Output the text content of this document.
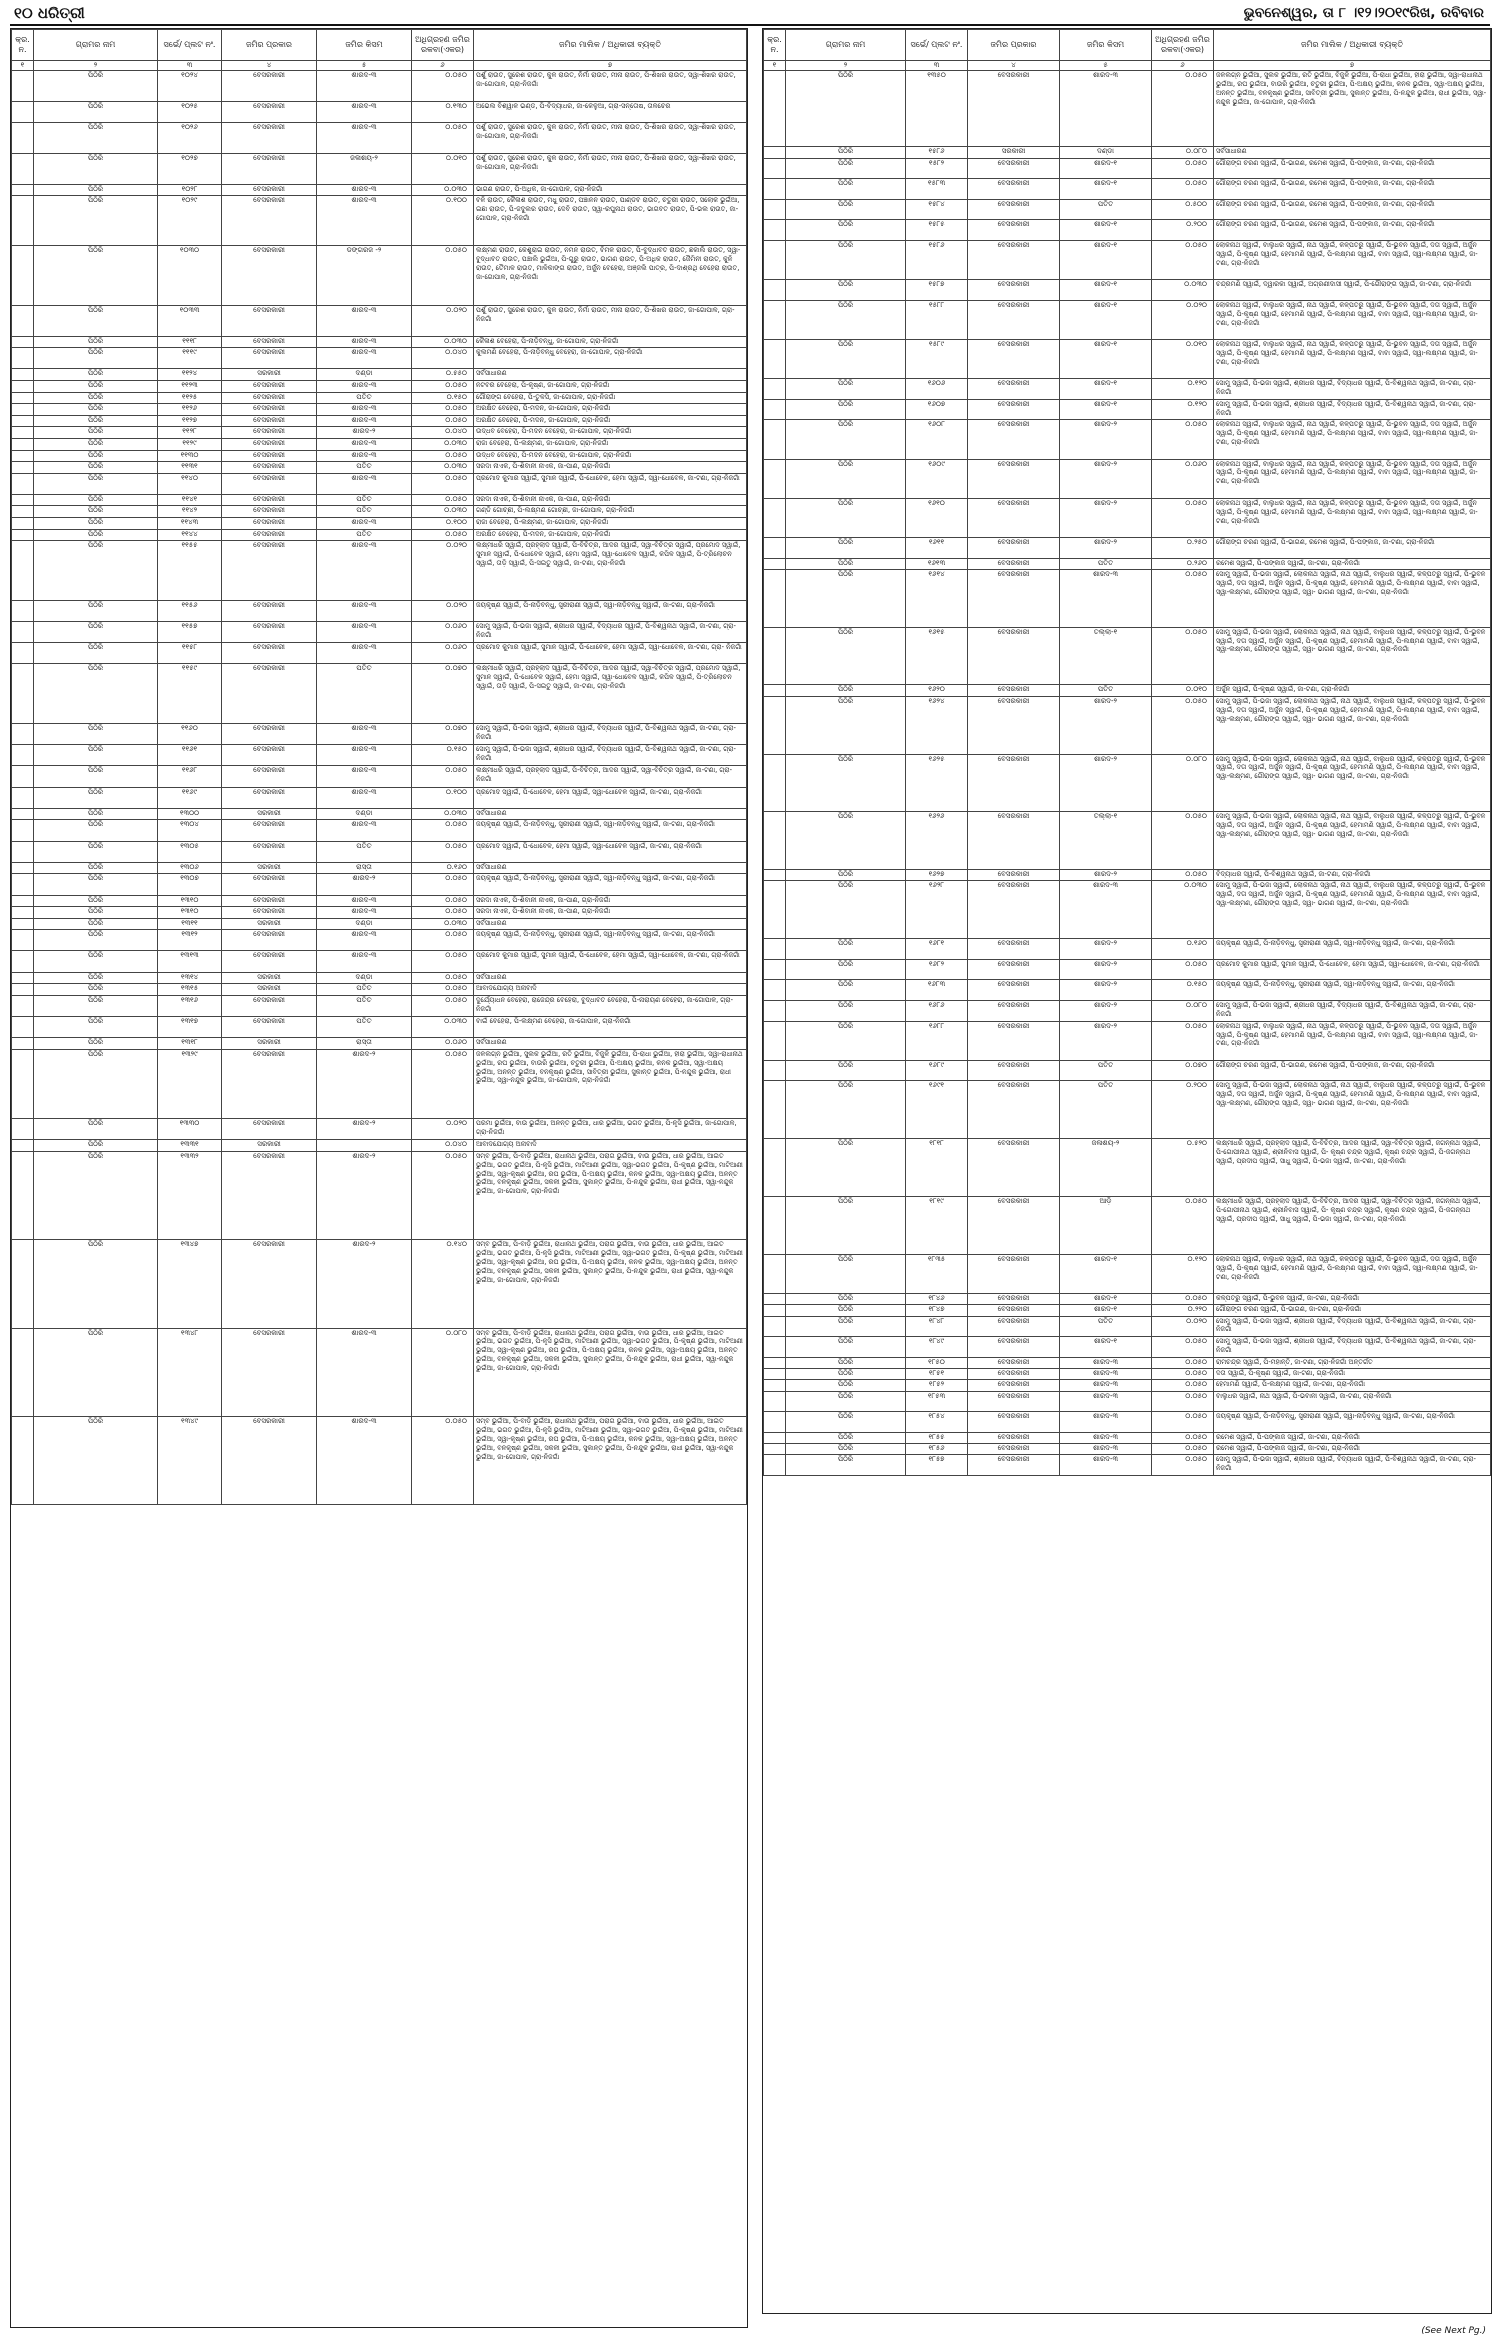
୧୦ ଧରିତ୍ରୀ	ଭୁବନେଶ୍ୱର, ତା ୮ ।୧୨।୨୦୧୯ରିଖ, ରବିବାର
କ୍ର. ନ.	ଗ୍ରାମର ନାମ	ସର୍ଭେ/ ପ୍ଲଟ ନଂ.	ଜମିର ପ୍ରକାର	ଜମିର କିସମ	ଅଧିଗ୍ରହଣ ଜମିର ରକବା(ଏକର)	ଜମିର ମାଲିକ / ଅଧିକାରୀ ବ୍ୟକ୍ତି
୧	୨	୩	୪	୫	୬	୭
	ପିଠିରି	୧୦୨୪	ବେସରକାରୀ	ଶାରଦ-୩	୦.୦୫୦	ପର୍ଶୁ ରାଉତ, ସୁରେଶ ରାଉତ, କୁଳ ରାଉତ, ନିର୍ମା ରାଉତ, ମୀନା ରାଉତ, ପି-ଶିଖର ରାଉତ, ସ୍ୱା-ଶିଖର ରାଉତ, ଜା-ଗୋପାଳ, ଗ୍ରା-ନିଜଗାଁ
	ପିଠିରି	୧୦୨୫	ବେସରକାରୀ	ଶାରଦ-୩	୦.୧୩୦	ଅଭେଲ ବିଶ୍ୱାଳ ଭଣ୍ଡ, ପି-ବିଦ୍ୟାଧର, ଜା-କେଳୁଆ, ଗ୍ରା-ସନ୍ତୋଷ, ତାଳଚେର
	ପିଠିରି	୧୦୨୬	ବେସରକାରୀ	ଶାରଦ-୩	୦.୦୫୦	ପର୍ଶୁ ରାଉତ, ସୁରେଶ ରାଉତ, କୁଳ ରାଉତ, ନିର୍ମା ରାଉତ, ମୀନା ରାଉତ, ପି-ଶିଖର ରାଉତ, ସ୍ୱା-ଶିଖର ରାଉତ, ଜା-ଗୋପାଳ, ଗ୍ରା-ନିଜଗାଁ
	ପିଠିରି	୧୦୨୭	ବେସରକାରୀ	ଜଳାଶୟ-୨	୦.୦୧୦	ପର୍ଶୁ ରାଉତ, ସୁରେଶ ରାଉତ, କୁଳ ରାଉତ, ନିର୍ମା ରାଉତ, ମୀନା ରାଉତ, ପି-ଶିଖର ରାଉତ, ସ୍ୱା-ଶିଖର ରାଉତ, ଜା-ଗୋପାଳ, ଗ୍ରା-ନିଜଗାଁ
	ପିଠିରି	୧୦୨୮	ବେସରକାରୀ	ଶାରଦ-୩	୦.୦୩୦	ଭାଗଣ ରାଉତ, ପି-ଅଧିକ, ଜା-ଗୋପାଳ, ଗ୍ରା-ନିଜଗାଁ
	ପିଠିରି	୧୦୨୯	ବେସରକାରୀ	ଶାରଦ-୩	୦.୧୦୦	ବଳି ରାଉତ, କୈଳାଶ ରାଉତ, ମଧୁ ରାଉତ, ପଞ୍ଚାନନ ରାଉତ, ପାଣ୍ଡବ ରାଉତ, ଚତୁରୀ ରାଉତ, ସଲୋକ ଭୁଇଁଆ, ଇଛା ରାଉତ, ପି-ଜଦୁଲର ରାଉତ, ଦେବି ରାଉତ, ସ୍ୱା-ରଘୁନାଥ ରାଉତ, ଭାଗବତ ରାଉତ, ପି-ଭଲ ରାଉତ, ଜା-ଗୋପାଳ, ଗ୍ରା-ନିଜଗାଁ
	ପିଠିରି	୧୦୩୦	ବେସରକାରୀ	ଡଙ୍ଗରଜ -୨	୦.୦୫୦	ଲକ୍ଷ୍ମଣ ରାଉତ, କେଶୁରାଇ ରାଉତ, ନମନ ରାଉତ, ବିମଳ ରାଉତ, ପି-ବୁଦ୍ଧାବତ ରାଉତ, ଛକାଲି ରାଉତ, ସ୍ୱା-ବୁଦ୍ଧାବତ ରାଉତ, ପଞ୍ଚାଲି ଭୁଇଁଆ, ପି-ଗୁରୁ ରାଉତ, ଭାଗଣ ରାଉତ, ପି-ଅଧିକ ରାଉତ, ଜୈମିନୀ ରାଉତ, କୁନି ରାଉତ, ତୈମାଳ ରାଉତ, ମାଳିକାଙ୍ଗ ରାଉତ, ଅର୍ଜୁନ ବେହେରା, ଅଞ୍ଜଲି ପାତ୍ର, ପି-ଦାଶ୍ରଥି ବେହେରା ରାଉତ, ଜା-ଗୋପାଳ, ଗ୍ରା-ନିଜଗାଁ
	ପିଠିରି	୧୦୩୩	ବେସରକାରୀ	ଶାରଦ-୩	୦.୦୨୦	ପର୍ଶୁ ରାଉତ, ସୁରେଶ ରାଉତ, କୁଳ ରାଉତ, ନିର୍ମା ରାଉତ, ମୀନା ରାଉତ, ପି-ଶିଖର ରାଉତ, ଜା-ଗୋପାଳ, ଗ୍ରା-ନିଜଗାଁ
	ପିଠିରି	୧୧୧୮	ବେସରକାରୀ	ଶାରଦ-୩	୦.୦୩୦	କୈଳାଶ ବେହେରା, ପି-ନାଡ଼ିବନ୍ଧୁ, ଜା-ଗୋପାଳ, ଗ୍ରା-ନିଜଗାଁ
	ପିଠିରି	୧୧୧୯	ବେସରକାରୀ	ଶାରଦ-୩	୦.୦୪୦	କୁଲମଣି ବେହେରା, ପି-ନାଡ଼ିବନ୍ଧୁ ବେହେରା, ଜା-ଗୋପାଳ, ଗ୍ରା-ନିଜଗାଁ
	ପିଠିରି	୧୧୨୪	ସରକାରୀ	ଦଣ୍ଡା	୦.୫୫୦	ସର୍ବସାଧାରଣ
	ପିଠିରି	୧୧୨୩	ବେସରକାରୀ	ଶାରଦ-୩	୦.୦୫୦	ନଟବର ବେହେରା, ପି-କୃଷ୍ଣ, ଜା-ଗୋପାଳ, ଗ୍ରା-ନିଜଗାଁ
	ପିଠିରି	୧୧୨୫	ବେସରକାରୀ	ପତିତ	୦.୧୫୦	ଗୌରାଙ୍ଗ ବେହେରା, ପି-ତୁଳସି, ଜା-ଗୋପାଳ, ଗ୍ରା-ନିଜଗାଁ
	ପିଠିରି	୧୧୨୬	ବେସରକାରୀ	ଶାରଦ-୩	୦.୦୫୦	ଅରକ୍ଷିତ ବେହେରା, ପି-ମଦନ, ଜା-ଗୋପାଳ, ଗ୍ରା-ନିଜଗାଁ
	ପିଠିରି	୧୧୨୭	ବେସରକାରୀ	ଶାରଦ-୩	୦.୦୫୦	ଅରକ୍ଷିତ ବେହେରା, ପି-ମଦନ, ଜା-ଗୋପାଳ, ଗ୍ରା-ନିଜଗାଁ
	ପିଠିରି	୧୧୨୮	ବେସରକାରୀ	ଶାରଦ-୨	୦.୦୪୦	ଉଦ୍ଧବ ବେହେରା, ପି-ମଦନ ବେହେରା, ଜା-ଗୋପାଳ, ଗ୍ରା-ନିଜଗାଁ
	ପିଠିରି	୧୧୨୯	ବେସରକାରୀ	ଶାରଦ-୩	୦.୦୩୦	ରାଜା ବେହେରା, ପି-ଲକ୍ଷ୍ମଣ, ଜା-ଗୋପାଳ, ଗ୍ରା-ନିଜଗାଁ
	ପିଠିରି	୧୧୩୦	ବେସରକାରୀ	ଶାରଦ-୩	୦.୦୫୦	ଉଦ୍ଧବ ବେହେରା, ପି-ମଦନ ବେହେରା, ଜା-ଗୋପାଳ, ଗ୍ରା-ନିଜଗାଁ
	ପିଠିରି	୧୧୩୧	ବେସରକାରୀ	ପତିତ	୦.୦୩୦	ସରଦା ନାଏକ, ପି-ଶିବାନୀ ନାଏକ, ଜା-ପାଣ, ଗ୍ରା-ନିଜଗାଁ
	ପିଠିରି	୧୧୪୦	ବେସରକାରୀ	ଶାରଦ-୩	୦.୦୫୦	ପ୍ରମୋଦ କୁମାର ସ୍ୱାଇଁ, ସୁମାନ ସ୍ୱାଇଁ, ପି-ଧୋବେଳ, ହେମା ସ୍ୱାଇଁ, ସ୍ୱା-ଧୋବେଳ, ଜା-ଟଣା, ଗ୍ରା-ନିଜଗାଁ
	ପିଠିରି	୧୧୪୧	ବେସରକାରୀ	ପତିତ	୦.୦୫୦	ସରଦା ନାଏକ, ପି-ଶିବାନୀ ନାଏକ, ଜା-ପାଣ, ଗ୍ରା-ନିଜଗାଁ
	ପିଠିରି	୧୧୪୨	ବେସରକାରୀ	ପତିତ	୦.୦୩୦	ଗଣ୍ଡି ଗୋଚ୍ଛୀ, ପି-ଲକ୍ଷ୍ମଣ ଗୋଚ୍ଛୀ, ଜା-ଗୋପାଳ, ଗ୍ରା-ନିଜଗାଁ
	ପିଠିରି	୧୧୪୩	ବେସରକାରୀ	ଶାରଦ-୩	୦.୧୦୦	ରାଜା ବେହେରା, ପି-ଲକ୍ଷ୍ମଣ, ଜା-ଗୋପାଳ, ଗ୍ରା-ନିଜଗାଁ
	ପିଠିରି	୧୧୪୪	ବେସରକାରୀ	ପତିତ	୦.୦୫୦	ଅରକ୍ଷିତ ବେହେରା, ପି-ମଦନ, ଜା-ଗୋପାଳ, ଗ୍ରା-ନିଜଗାଁ
	ପିଠିରି	୧୧୫୫	ବେସରକାରୀ	ଶାରଦ-୩	୦.୦୨୦	ଲକ୍ଷ୍ମୀଧରି ସ୍ୱାଇଁ, ପ୍ରହ୍ଲାଦ ସ୍ୱାଇଁ, ପି-ବିଚିତ୍ର, ଆଦର ସ୍ୱାଇଁ, ସ୍ୱା-ବିଚିତ୍ର ସ୍ୱାଇଁ, ପ୍ରମୋଦ ସ୍ୱାଇଁ, ସୁମାନ ସ୍ୱାଇଁ, ପି-ଧୋବେଳ ସ୍ୱାଇଁ, ହେମା ସ୍ୱାଇଁ, ସ୍ୱା-ଧୋବେଳ ସ୍ୱାଇଁ, କପିଳ ସ୍ୱାଇଁ, ପି-ତ୍ରିଲୋଚନ ସ୍ୱାଇଁ, ତାଡ଼ି ସ୍ୱାଇଁ, ପି-ସଇତୁ ସ୍ୱାଇଁ, ଜା-ଟଣା, ଗ୍ରା-ନିଜଗାଁ
	ପିଠିରି	୧୧୫୬	ବେସରକାରୀ	ଶାରଦ-୩	୦.୦୨୦	ଜୟକୃଷ୍ଣ ସ୍ୱାଇଁ, ପି-ନାଡ଼ିବନ୍ଧୁ, ସ୍ତ୍ରୀରାଣୀ ସ୍ୱାଇଁ, ସ୍ୱା-ନାଡ଼ିବନ୍ଧୁ ସ୍ୱାଇଁ, ଜା-ଟଣା, ଗ୍ରା-ନିଜଗାଁ
	ପିଠିରି	୧୧୫୭	ବେସରକାରୀ	ଶାରଦ-୩	୦.୦୬୦	ସୋମୁ ସ୍ୱାଇଁ, ପି-ଭଜା ସ୍ୱାଇଁ, ଶ୍ରୀଧର ସ୍ୱାଇଁ, ବିଦ୍ୟାଧର ସ୍ୱାଇଁ, ପି-ବିଶ୍ୱନାଥ ସ୍ୱାଇଁ, ଜା-ଟଣା, ଗ୍ରା- ନିଜଗାଁ
	ପିଠିରି	୧୧୫୮	ବେସରକାରୀ	ଶାରଦ-୩	୦.୦୬୦	ପ୍ରମୋଦ କୁମାର ସ୍ୱାଇଁ, ସୁମାନ ସ୍ୱାଇଁ, ପି-ଧୋବେଳ, ହେମା ସ୍ୱାଇଁ, ସ୍ୱା-ଧୋବେଳ, ଜା-ଟଣା, ଗ୍ରା- ନିଜଗାଁ
	ପିଠିରି	୧୧୫୯	ବେସରକାରୀ	ପତିତ	୦.୦୭୦	ଲକ୍ଷ୍ମୀଧରି ସ୍ୱାଇଁ, ପ୍ରହ୍ଲାଦ ସ୍ୱାଇଁ, ପି-ବିଚିତ୍ର, ଆଦର ସ୍ୱାଇଁ, ସ୍ୱା-ବିଚିତ୍ର ସ୍ୱାଇଁ, ପ୍ରମୋଦ ସ୍ୱାଇଁ, ସୁମାନ ସ୍ୱାଇଁ, ପି-ଧୋବେଳ ସ୍ୱାଇଁ, ହେମା ସ୍ୱାଇଁ, ସ୍ୱା-ଧୋବେଳ ସ୍ୱାଇଁ, କପିଳ ସ୍ୱାଇଁ, ପି-ତ୍ରିଲୋଚନ ସ୍ୱାଇଁ, ତାଡ଼ି ସ୍ୱାଇଁ, ପି-ସଇତୁ ସ୍ୱାଇଁ, ଜା-ଟଣା, ଗ୍ରା-ନିଜଗାଁ
	ପିଠିରି	୧୧୬୦	ବେସରକାରୀ	ଶାରଦ-୩	୦.୦୭୦	ସୋମୁ ସ୍ୱାଇଁ, ପି-ଭଜା ସ୍ୱାଇଁ, ଶ୍ରୀଧର ସ୍ୱାଇଁ, ବିଦ୍ୟାଧର ସ୍ୱାଇଁ, ପି-ବିଶ୍ୱନାଥ ସ୍ୱାଇଁ, ଜା-ଟଣା, ଗ୍ରା- ନିଜଗାଁ
	ପିଠିରି	୧୧୬୧	ବେସରକାରୀ	ଶାରଦ-୩	୦.୧୫୦	ସୋମୁ ସ୍ୱାଇଁ, ପି-ଭଜା ସ୍ୱାଇଁ, ଶ୍ରୀଧର ସ୍ୱାଇଁ, ବିଦ୍ୟାଧର ସ୍ୱାଇଁ, ପି-ବିଶ୍ୱନାଥ ସ୍ୱାଇଁ, ଜା-ଟଣା, ଗ୍ରା- ନିଜଗାଁ
	ପିଠିରି	୧୧୬୮	ବେସରକାରୀ	ଶାରଦ-୩	୦.୦୫୦	ଲକ୍ଷ୍ମୀଧରି ସ୍ୱାଇଁ, ପ୍ରହ୍ଲାଦ ସ୍ୱାଇଁ, ପି-ବିଚିତ୍ର, ଆଦର ସ୍ୱାଇଁ, ସ୍ୱା-ବିଚିତ୍ର ସ୍ୱାଇଁ, ଜା-ଟଣା, ଗ୍ରା-ନିଜଗାଁ
	ପିଠିରି	୧୧୬୯	ବେସରକାରୀ	ଶାରଦ-୩	୦.୧୦୦	ପ୍ରମୋଦ ସ୍ୱାଇଁ, ପି-ଧୋବେଳ, ହେମା ସ୍ୱାଇଁ, ସ୍ୱା-ଧୋବେଳ ସ୍ୱାଇଁ, ଜା-ଟଣା, ଗ୍ରା-ନିଜଗାଁ
	ପିଠିରି	୧୩୦୦	ସରକାରୀ	ଦଣ୍ଡା	୦.୦୩୦	ସର୍ବସାଧାରଣ
	ପିଠିରି	୧୩୦୪	ବେସରକାରୀ	ଶାରଦ-୩	୦.୦୫୦	ଜୟକୃଷ୍ଣ ସ୍ୱାଇଁ, ପି-ନାଡ଼ିବନ୍ଧୁ, ସ୍ତ୍ରୀରାଣୀ ସ୍ୱାଇଁ, ସ୍ୱା-ନାଡ଼ିବନ୍ଧୁ ସ୍ୱାଇଁ, ଜା-ଟଣା, ଗ୍ରା-ନିଜଗାଁ
	ପିଠିରି	୧୩୦୫	ବେସରକାରୀ	ପତିତ	୦.୦୫୦	ପ୍ରମୋଦ ସ୍ୱାଇଁ, ପି-ଧୋବେଳ, ହେମା ସ୍ୱାଇଁ, ସ୍ୱା-ଧୋବେଳ ସ୍ୱାଇଁ, ଜା-ଟଣା, ଗ୍ରା-ନିଜଗାଁ
	ପିଠିରି	୧୩୦୬	ସରକାରୀ	ରାସ୍ତା	୦.୧୬୦	ସର୍ବସାଧାରଣ
	ପିଠିରି	୧୩୦୭	ବେସରକାରୀ	ଶାରଦ-୨	୦.୦୫୦	ଜୟକୃଷ୍ଣ ସ୍ୱାଇଁ, ପି-ନାଡ଼ିବନ୍ଧୁ, ସ୍ତ୍ରୀରାଣୀ ସ୍ୱାଇଁ, ସ୍ୱା-ନାଡ଼ିବନ୍ଧୁ ସ୍ୱାଇଁ, ଜା-ଟଣା, ଗ୍ରା-ନିଜଗାଁ
	ପିଠିରି	୧୩୧୦	ବେସରକାରୀ	ଶାରଦ-୩	୦.୦୫୦	ସରଦା ନାଏକ, ପି-ଶିବାନୀ ନାଏକ, ଜା-ପାଣ, ଗ୍ରା-ନିଜଗାଁ
	ପିଠିରି	୧୩୧୦	ବେସରକାରୀ	ଶାରଦ-୩	୦.୦୫୦	ସରଦା ନାଏକ, ପି-ଶିବାନୀ ନାଏକ, ଜା-ପାଣ, ଗ୍ରା-ନିଜଗାଁ
	ପିଠିରି	୧୩୧୧	ସରକାରୀ	ଦଣ୍ଡା	୦.୦୩୦	ସର୍ବସାଧାରଣ
	ପିଠିରି	୧୩୧୨	ବେସରକାରୀ	ଶାରଦ-୩	୦.୦୫୦	ଜୟକୃଷ୍ଣ ସ୍ୱାଇଁ, ପି-ନାଡ଼ିବନ୍ଧୁ, ସ୍ତ୍ରୀରାଣୀ ସ୍ୱାଇଁ, ସ୍ୱା-ନାଡ଼ିବନ୍ଧୁ ସ୍ୱାଇଁ, ଜା-ଟଣା, ଗ୍ରା-ନିଜଗାଁ
	ପିଠିରି	୧୩୧୩	ବେସରକାରୀ	ଶାରଦ-୩	୦.୦୫୦	ପ୍ରମୋଦ କୁମାର ସ୍ୱାଇଁ, ସୁମାନ ସ୍ୱାଇଁ, ପି-ଧୋବେଳ, ହେମା ସ୍ୱାଇଁ, ସ୍ୱା-ଧୋବେଳ, ଜା-ଟଣା, ଗ୍ରା-ନିଜଗାଁ
	ପିଠିରି	୧୩୧୪	ସରକାରୀ	ଦଣ୍ଡା	୦.୦୫୦	ସର୍ବସାଧାରଣ
	ପିଠିରି	୧୩୧୫	ସରକାରୀ	ପତିତ	୦.୦୫୦	ଆବାଦଯୋଗ୍ୟ ଅନାବାଦି
	ପିଠିରି	୧୩୧୬	ବେସରକାରୀ	ପତିତ	୦.୦୫୦	ଦୁର୍ଯ୍ୟୋଧନ ବେହେରା, ରାଜେନ୍ଦ୍ର ବେହେରା, ବୁଦ୍ଧାବତ ବେହେରା, ପି-ନାରାୟଣ ବେହେରା, ଜା-ଗୋପାଳ, ଗ୍ରା-ନିଜଗାଁ
	ପିଠିରି	୧୩୧୭	ବେସରକାରୀ	ପତିତ	୦.୦୩୦	ବାଇଁ ବେହେରା, ପି-ଲକ୍ଷ୍ମଣ ବେହେରା, ଜା-ଗୋପାଳ, ଗ୍ରା-ନିଜଗାଁ
	ପିଠିରି	୧୩୧୮	ସରକାରୀ	ରାସ୍ତା	୦.୦୬୦	ସର୍ବସାଧାରଣ
	ପିଠିରି	୧୩୨୯	ବେସରକାରୀ	ଶାରଦ-୨	୦.୦୫୦	ଜଳଲଗ୍ନ ଭୁଇଁଆ, ସୁଲକ ଭୁଇଁଆ, ରତି ଭୁଇଁଆ, ବିଜୁଳି ଭୁଇଁଆ, ପି-ରାଧା ଭୁଇଁଆ, ହୀରା ଭୁଇଁଆ, ସ୍ୱା-ରାଧାନାଥ ଭୁଇଁଆ, ରଘ ଭୁଇଁଆ, ବାଉରି ଭୁଇଁଆ, ଚତୁରୀ ଭୁଇଁଆ, ପି-ଅକ୍ଷୟ ଭୁଇଁଆ, କନକ ଭୁଇଁଆ, ସ୍ୱା-ଅକ୍ଷୟ ଭୁଇଁଆ, ଅନନ୍ତ ଭୁଇଁଆ, ବନକୃଷ୍ଣ ଭୁଇଁଆ, ସାବିତ୍ରୀ ଭୁଇଁଆ, ସୁକାନ୍ତ ଭୁଇଁଆ, ପି-ନନ୍ଦୁକ ଭୁଇଁଆ, ରାଧୀ ଭୁଇଁଆ, ସ୍ୱା-ନନ୍ଦୁକ ଭୁଇଁଆ, ଜା-ଗୋପାଳ, ଗ୍ରା-ନିଜଗାଁ
	ପିଠିରି	୧୩୩୦	ବେସରକାରୀ	ଶାରଦ-୨	୦.୦୨୦	ପରମା ଭୁଇଁଆ, ବାଉ ଭୁଇଁଆ, ଅନନ୍ତ ଭୁଇଁଆ, ଧାର ଭୁଇଁଆ, ଭଗତ ଭୁଇଁଆ, ପି-ନୃସି ଭୁଇଁଆ, ଜା-ଗୋପାଳ, ଗ୍ରା-ନିଜଗାଁ
	ପିଠିରି	୧୩୩୧	ସରକାରୀ		୦.୦୪୦	ଆବାଦଯୋଗ୍ୟ ଅନାବାଦି
	ପିଠିରି	୧୩୩୨	ବେସରକାରୀ	ଶାରଦ-୨	୦.୦୫୦	ସମ୍ବ ଭୁଇଁଆ, ପି-ବାଡ଼ି ଭୁଇଁଆ, ରାଧାନାଥ ଭୁଇଁଆ, ପରାଗ ଭୁଇଁଆ, ବାଉ ଭୁଇଁଆ, ଧାର ଭୁଇଁଆ, ଆଇତ ଭୁଇଁଆ, ଭଗତ ଭୁଇଁଆ, ପି-ନୃସି ଭୁଇଁଆ, ମାଟିଆଣୀ ଭୁଇଁଆ, ସ୍ୱା-ଭଗତ ଭୁଇଁଆ, ପି-କୃଷ୍ଣ ଭୁଇଁଆ, ମାଟିଆଣୀ ଭୁଇଁଆ, ସ୍ୱା-କୃଷ୍ଣ ଭୁଇଁଆ, ରଘ ଭୁଇଁଆ, ପି-ଅକ୍ଷୟ ଭୁଇଁଆ, କନକ ଭୁଇଁଆ, ସ୍ୱା-ଅକ୍ଷୟ ଭୁଇଁଆ, ଅନନ୍ତ ଭୁଇଁଆ, ବନକୃଷ୍ଣ ଭୁଇଁଆ, ସକଳୀ ଭୁଇଁଆ, ସୁକାନ୍ତ ଭୁଇଁଆ, ପି-ନନ୍ଦୁକ ଭୁଇଁଆ, ରାଧୀ ଭୁଇଁଆ, ସ୍ୱା-ନନ୍ଦୁକ ଭୁଇଁଆ, ଜା-ଗୋପାଳ, ଗ୍ରା-ନିଜଗାଁ
	ପିଠିରି	୧୩୪୭	ବେସରକାରୀ	ଶାରଦ-୨	୦.୧୪୦	ସମ୍ବ ଭୁଇଁଆ, ପି-ବାଡ଼ି ଭୁଇଁଆ, ରାଧାନାଥ ଭୁଇଁଆ, ପରାଗ ଭୁଇଁଆ, ବାଉ ଭୁଇଁଆ, ଧାର ଭୁଇଁଆ, ଆଇତ ଭୁଇଁଆ, ଭଗତ ଭୁଇଁଆ, ପି-ନୃସି ଭୁଇଁଆ, ମାଟିଆଣୀ ଭୁଇଁଆ, ସ୍ୱା-ଭଗତ ଭୁଇଁଆ, ପି-କୃଷ୍ଣ ଭୁଇଁଆ, ମାଟିଆଣୀ ଭୁଇଁଆ, ସ୍ୱା-କୃଷ୍ଣ ଭୁଇଁଆ, ରଘ ଭୁଇଁଆ, ପି-ଅକ୍ଷୟ ଭୁଇଁଆ, କନକ ଭୁଇଁଆ, ସ୍ୱା-ଅକ୍ଷୟ ଭୁଇଁଆ, ଅନନ୍ତ ଭୁଇଁଆ, ବନକୃଷ୍ଣ ଭୁଇଁଆ, ସକଳୀ ଭୁଇଁଆ, ସୁକାନ୍ତ ଭୁଇଁଆ, ପି-ନନ୍ଦୁକ ଭୁଇଁଆ, ରାଧୀ ଭୁଇଁଆ, ସ୍ୱା-ନନ୍ଦୁକ ଭୁଇଁଆ, ଜା-ଗୋପାଳ, ଗ୍ରା-ନିଜଗାଁ
	ପିଠିରି	୧୩୪୮	ବେସରକାରୀ	ଶାରଦ-୩	୦.୦୮୦	ସମ୍ବ ଭୁଇଁଆ, ପି-ବାଡ଼ି ଭୁଇଁଆ, ରାଧାନାଥ ଭୁଇଁଆ, ପରାଗ ଭୁଇଁଆ, ବାଉ ଭୁଇଁଆ, ଧାର ଭୁଇଁଆ, ଆଇତ ଭୁଇଁଆ, ଭଗତ ଭୁଇଁଆ, ପି-ନୃସି ଭୁଇଁଆ, ମାଟିଆଣୀ ଭୁଇଁଆ, ସ୍ୱା-ଭଗତ ଭୁଇଁଆ, ପି-କୃଷ୍ଣ ଭୁଇଁଆ, ମାଟିଆଣୀ ଭୁଇଁଆ, ସ୍ୱା-କୃଷ୍ଣ ଭୁଇଁଆ, ରଘ ଭୁଇଁଆ, ପି-ଅକ୍ଷୟ ଭୁଇଁଆ, କନକ ଭୁଇଁଆ, ସ୍ୱା-ଅକ୍ଷୟ ଭୁଇଁଆ, ଅନନ୍ତ ଭୁଇଁଆ, ବନକୃଷ୍ଣ ଭୁଇଁଆ, ସକଳୀ ଭୁଇଁଆ, ସୁକାନ୍ତ ଭୁଇଁଆ, ପି-ନନ୍ଦୁକ ଭୁଇଁଆ, ରାଧୀ ଭୁଇଁଆ, ସ୍ୱା-ନନ୍ଦୁକ ଭୁଇଁଆ, ଜା-ଗୋପାଳ, ଗ୍ରା-ନିଜଗାଁ
	ପିଠିରି	୧୩୪୯	ବେସରକାରୀ	ଶାରଦ-୩	୦.୦୫୦	ସମ୍ବ ଭୁଇଁଆ, ପି-ବାଡ଼ି ଭୁଇଁଆ, ରାଧାନାଥ ଭୁଇଁଆ, ପରାଗ ଭୁଇଁଆ, ବାଉ ଭୁଇଁଆ, ଧାର ଭୁଇଁଆ, ଆଇତ ଭୁଇଁଆ, ଭଗତ ଭୁଇଁଆ, ପି-ନୃସି ଭୁଇଁଆ, ମାଟିଆଣୀ ଭୁଇଁଆ, ସ୍ୱା-ଭଗତ ଭୁଇଁଆ, ପି-କୃଷ୍ଣ ଭୁଇଁଆ, ମାଟିଆଣୀ ଭୁଇଁଆ, ସ୍ୱା-କୃଷ୍ଣ ଭୁଇଁଆ, ରଘ ଭୁଇଁଆ, ପି-ଅକ୍ଷୟ ଭୁଇଁଆ, କନକ ଭୁଇଁଆ, ସ୍ୱା-ଅକ୍ଷୟ ଭୁଇଁଆ, ଅନନ୍ତ ଭୁଇଁଆ, ବନକୃଷ୍ଣ ଭୁଇଁଆ, ସକଳୀ ଭୁଇଁଆ, ସୁକାନ୍ତ ଭୁଇଁଆ, ପି-ନନ୍ଦୁକ ଭୁଇଁଆ, ରାଧୀ ଭୁଇଁଆ, ସ୍ୱା-ନନ୍ଦୁକ ଭୁଇଁଆ, ଜା-ଗୋପାଳ, ଗ୍ରା-ନିଜଗାଁ
କ୍ର. ନ.	ଗ୍ରାମର ନାମ	ସର୍ଭେ/ ପ୍ଲଟ ନଂ.	ଜମିର ପ୍ରକାର	ଜମିର କିସମ	ଅଧିଗ୍ରହଣ ଜମିର ରକବା(ଏକର)	ଜମିର ମାଲିକ / ଅଧିକାରୀ ବ୍ୟକ୍ତି
୧	୨	୩	୪	୫	୬	୭
	ପିଠିରି	୧୩୫୦	ବେସରକାରୀ	ଶାରଦ-୩	୦.୦୫୦	ଜଳଲଗ୍ନ ଭୁଇଁଆ, ସୁଲକ ଭୁଇଁଆ, ରତି ଭୁଇଁଆ, ବିଜୁଳି ଭୁଇଁଆ, ପି-ରାଧା ଭୁଇଁଆ, ହୀରା ଭୁଇଁଆ, ସ୍ୱା-ରାଧାନାଥ ଭୁଇଁଆ, ରଘ ଭୁଇଁଆ, ବାଉରି ଭୁଇଁଆ, ଚତୁରୀ ଭୁଇଁଆ, ପି-ଅକ୍ଷୟ ଭୁଇଁଆ, କନକ ଭୁଇଁଆ, ସ୍ୱା-ଅକ୍ଷୟ ଭୁଇଁଆ, ଅନନ୍ତ ଭୁଇଁଆ, ବନକୃଷ୍ଣ ଭୁଇଁଆ, ସାବିତ୍ରୀ ଭୁଇଁଆ, ସୁକାନ୍ତ ଭୁଇଁଆ, ପି-ନନ୍ଦୁକ ଭୁଇଁଆ, ରାଧୀ ଭୁଇଁଆ, ସ୍ୱା-ନନ୍ଦୁକ ଭୁଇଁଆ, ଜା-ଗୋପାଳ, ଗ୍ରା-ନିଜଗାଁ
	ପିଠିରି	୧୫୮୬	ସରକାରୀ	ଦଣ୍ଡା	୦.୦୮୦	ସର୍ବସାଧାରଣ
	ପିଠିରି	୧୫୮୨	ବେସରକାରୀ	ଶାରଦ-୧	୦.୦୫୦	ଗୌରାଙ୍ଗ ଚରଣ ସ୍ୱାଇଁ, ପି-ଭାଗଣ, ରମେଶ ସ୍ୱାଇଁ, ପି-ପଙ୍କାଜ, ଜା-ଟଣା, ଗ୍ରା-ନିଜଗାଁ
	ପିଠିରି	୧୫୮୩	ବେସରକାରୀ	ଶାରଦ-୧	୦.୦୫୦	ଗୌରାଙ୍ଗ ଚରଣ ସ୍ୱାଇଁ, ପି-ଭାଗଣ, ରମେଶ ସ୍ୱାଇଁ, ପି-ପଙ୍କାଜ, ଜା-ଟଣା, ଗ୍ରା-ନିଜଗାଁ
	ପିଠିରି	୧୫୮୪	ବେସରକାରୀ	ପତିତ	୦.୫୦୦	ଗୌରାଙ୍ଗ ଚରଣ ସ୍ୱାଇଁ, ପି-ଭାଗଣ, ରମେଶ ସ୍ୱାଇଁ, ପି-ପଙ୍କାଜ, ଜା-ଟଣା, ଗ୍ରା-ନିଜଗାଁ
	ପିଠିରି	୧୫୮୫	ବେସରକାରୀ	ଶାରଦ-୧	୦.୨୦୦	ଗୌରାଙ୍ଗ ଚରଣ ସ୍ୱାଇଁ, ପି-ଭାଗଣ, ରମେଶ ସ୍ୱାଇଁ, ପି-ପଙ୍କାଜ, ଜା-ଟଣା, ଗ୍ରା-ନିଜଗାଁ
	ପିଠିରି	୧୫୮୬	ବେସରକାରୀ	ଶାରଦ-୧	୦.୦୫୦	ଲୋକନାଥ ସ୍ୱାଇଁ, ବାଲୁଧର ସ୍ୱାଇଁ, ନାଥ ସ୍ୱାଇଁ, କଳ୍ପତରୁ ସ୍ୱାଇଁ, ପି-ଭୁବନ ସ୍ୱାଇଁ, ଦତା ସ୍ୱାଇଁ, ଅର୍ଜୁନ ସ୍ୱାଇଁ, ପି-କୃଷ୍ଣ ସ୍ୱାଇଁ, ହେମାମଣି ସ୍ୱାଇଁ, ପି-ଲକ୍ଷ୍ମଣ ସ୍ୱାଇଁ, ବାବା ସ୍ୱାଇଁ, ସ୍ୱା-ଲକ୍ଷ୍ମଣ ସ୍ୱାଇଁ, ଜା-ଟଣା, ଗ୍ରା-ନିଜଗାଁ
	ପିଠିରି	୧୫୮୭	ବେସରକାରୀ	ଶାରଦ-୧	୦.୦୩୦	ଚନ୍ଦ୍ରମଣି ସ୍ୱାଇଁ, ଦ୍ୱାରକା ସ୍ୱାଇଁ, ଅଗ୍ରଣୀଦାସୀ ସ୍ୱାଇଁ, ପି-ଗୌରାଙ୍ଗ ସ୍ୱାଇଁ, ଜା-ଟଣା, ଗ୍ରା-ନିଜଗାଁ
	ପିଠିରି	୧୫୮୮	ବେସରକାରୀ	ଶାରଦ-୧	୦.୦୨୦	ଲୋକନାଥ ସ୍ୱାଇଁ, ବାଲୁଧର ସ୍ୱାଇଁ, ନାଥ ସ୍ୱାଇଁ, କଳ୍ପତରୁ ସ୍ୱାଇଁ, ପି-ଭୁବନ ସ୍ୱାଇଁ, ଦତା ସ୍ୱାଇଁ, ଅର୍ଜୁନ ସ୍ୱାଇଁ, ପି-କୃଷ୍ଣ ସ୍ୱାଇଁ, ହେମାମଣି ସ୍ୱାଇଁ, ପି-ଲକ୍ଷ୍ମଣ ସ୍ୱାଇଁ, ବାବା ସ୍ୱାଇଁ, ସ୍ୱା-ଲକ୍ଷ୍ମଣ ସ୍ୱାଇଁ, ଜା-ଟଣା, ଗ୍ରା-ନିଜଗାଁ
	ପିଠିରି	୧୫୮୯	ବେସରକାରୀ	ଶାରଦ-୧	୦.୦୧୦	ଲୋକନାଥ ସ୍ୱାଇଁ, ବାଲୁଧର ସ୍ୱାଇଁ, ନାଥ ସ୍ୱାଇଁ, କଳ୍ପତରୁ ସ୍ୱାଇଁ, ପି-ଭୁବନ ସ୍ୱାଇଁ, ଦତା ସ୍ୱାଇଁ, ଅର୍ଜୁନ ସ୍ୱାଇଁ, ପି-କୃଷ୍ଣ ସ୍ୱାଇଁ, ହେମାମଣି ସ୍ୱାଇଁ, ପି-ଲକ୍ଷ୍ମଣ ସ୍ୱାଇଁ, ବାବା ସ୍ୱାଇଁ, ସ୍ୱା-ଲକ୍ଷ୍ମଣ ସ୍ୱାଇଁ, ଜା-ଟଣା, ଗ୍ରା-ନିଜଗାଁ
	ପିଠିରି	୧୬୦୬	ବେସରକାରୀ	ଶାରଦ-୧	୦.୧୨୦	ସୋମୁ ସ୍ୱାଇଁ, ପି-ଭଜା ସ୍ୱାଇଁ, ଶ୍ରୀଧର ସ୍ୱାଇଁ, ବିଦ୍ୟାଧର ସ୍ୱାଇଁ, ପି-ବିଶ୍ୱନାଥ ସ୍ୱାଇଁ, ଜା-ଟଣା, ଗ୍ରା-ନିଜଗାଁ
	ପିଠିରି	୧୬୦୭	ବେସରକାରୀ	ଶାରଦ-୧	୦.୧୨୦	ସୋମୁ ସ୍ୱାଇଁ, ପି-ଭଜା ସ୍ୱାଇଁ, ଶ୍ରୀଧର ସ୍ୱାଇଁ, ବିଦ୍ୟାଧର ସ୍ୱାଇଁ, ପି-ବିଶ୍ୱନାଥ ସ୍ୱାଇଁ, ଜା-ଟଣା, ଗ୍ରା-ନିଜଗାଁ
	ପିଠିରି	୧୬୦୮	ବେସରକାରୀ	ଶାରଦ-୨	୦.୦୫୦	ଲୋକନାଥ ସ୍ୱାଇଁ, ବାଲୁଧର ସ୍ୱାଇଁ, ନାଥ ସ୍ୱାଇଁ, କଳ୍ପତରୁ ସ୍ୱାଇଁ, ପି-ଭୁବନ ସ୍ୱାଇଁ, ଦତା ସ୍ୱାଇଁ, ଅର୍ଜୁନ ସ୍ୱାଇଁ, ପି-କୃଷ୍ଣ ସ୍ୱାଇଁ, ହେମାମଣି ସ୍ୱାଇଁ, ପି-ଲକ୍ଷ୍ମଣ ସ୍ୱାଇଁ, ବାବା ସ୍ୱାଇଁ, ସ୍ୱା-ଲକ୍ଷ୍ମଣ ସ୍ୱାଇଁ, ଜା-ଟଣା, ଗ୍ରା-ନିଜଗାଁ
	ପିଠିରି	୧୬୦୯	ବେସରକାରୀ	ଶାରଦ-୨	୦.୦୬୦	ଲୋକନାଥ ସ୍ୱାଇଁ, ବାଲୁଧର ସ୍ୱାଇଁ, ନାଥ ସ୍ୱାଇଁ, କଳ୍ପତରୁ ସ୍ୱାଇଁ, ପି-ଭୁବନ ସ୍ୱାଇଁ, ଦତା ସ୍ୱାଇଁ, ଅର୍ଜୁନ ସ୍ୱାଇଁ, ପି-କୃଷ୍ଣ ସ୍ୱାଇଁ, ହେମାମଣି ସ୍ୱାଇଁ, ପି-ଲକ୍ଷ୍ମଣ ସ୍ୱାଇଁ, ବାବା ସ୍ୱାଇଁ, ସ୍ୱା-ଲକ୍ଷ୍ମଣ ସ୍ୱାଇଁ, ଜା-ଟଣା, ଗ୍ରା-ନିଜଗାଁ
	ପିଠିରି	୧୬୧୦	ବେସରକାରୀ	ଶାରଦ-୨	୦.୦୫୦	ଲୋକନାଥ ସ୍ୱାଇଁ, ବାଲୁଧର ସ୍ୱାଇଁ, ନାଥ ସ୍ୱାଇଁ, କଳ୍ପତରୁ ସ୍ୱାଇଁ, ପି-ଭୁବନ ସ୍ୱାଇଁ, ଦତା ସ୍ୱାଇଁ, ଅର୍ଜୁନ ସ୍ୱାଇଁ, ପି-କୃଷ୍ଣ ସ୍ୱାଇଁ, ହେମାମଣି ସ୍ୱାଇଁ, ପି-ଲକ୍ଷ୍ମଣ ସ୍ୱାଇଁ, ବାବା ସ୍ୱାଇଁ, ସ୍ୱା-ଲକ୍ଷ୍ମଣ ସ୍ୱାଇଁ, ଜା-ଟଣା, ଗ୍ରା-ନିଜଗାଁ
	ପିଠିରି	୧୬୧୧	ବେସରକାରୀ	ଶାରଦ-୨	୦.୨୫୦	ଗୌରାଙ୍ଗ ଚରଣ ସ୍ୱାଇଁ, ପି-ଭାଗଣ, ରମେଶ ସ୍ୱାଇଁ, ପି-ପଙ୍କାଜ, ଜା-ଟଣା, ଗ୍ରା-ନିଜଗାଁ
	ପିଠିରି	୧୬୧୩	ବେସରକାରୀ	ପତିତ	୦.୨୬୦	ରମେଶ ସ୍ୱାଇଁ, ପି-ପଙ୍କାଜ ସ୍ୱାଇଁ, ଜା-ଟଣା, ଗ୍ରା-ନିଜଗାଁ
	ପିଠିରି	୧୬୧୪	ବେସରକାରୀ	ଶାରଦ-୩	୦.୦୫୦	ସୋମୁ ସ୍ୱାଇଁ, ପି-ଭଜା ସ୍ୱାଇଁ, ଲୋକନାଥ ସ୍ୱାଇଁ, ନାଥ ସ୍ୱାଇଁ, ବାଲୁଧର ସ୍ୱାଇଁ, କଳ୍ପତରୁ ସ୍ୱାଇଁ, ପି-ଭୁବନ ସ୍ୱାଇଁ, ଦତା ସ୍ୱାଇଁ, ଅର୍ଜୁନ ସ୍ୱାଇଁ, ପି-କୃଷ୍ଣ ସ୍ୱାଇଁ, ହେମାମଣି ସ୍ୱାଇଁ, ପି-ଲକ୍ଷ୍ମଣ ସ୍ୱାଇଁ, ବାବା ସ୍ୱାଇଁ, ସ୍ୱା-ଲକ୍ଷ୍ମଣ, ଗୌରାଙ୍ଗ ସ୍ୱାଇଁ, ସ୍ୱା- ଭାଗଣ ସ୍ୱାଇଁ, ଜା-ଟଣା, ଗ୍ରା-ନିଜଗାଁ
	ପିଠିରି	୧୬୧୫	ବେସରକାରୀ	ତଲ୍ଲା-୧	୦.୦୫୦	ସୋମୁ ସ୍ୱାଇଁ, ପି-ଭଜା ସ୍ୱାଇଁ, ଲୋକନାଥ ସ୍ୱାଇଁ, ନାଥ ସ୍ୱାଇଁ, ବାଲୁଧର ସ୍ୱାଇଁ, କଳ୍ପତରୁ ସ୍ୱାଇଁ, ପି-ଭୁବନ ସ୍ୱାଇଁ, ଦତା ସ୍ୱାଇଁ, ଅର୍ଜୁନ ସ୍ୱାଇଁ, ପି-କୃଷ୍ଣ ସ୍ୱାଇଁ, ହେମାମଣି ସ୍ୱାଇଁ, ପି-ଲକ୍ଷ୍ମଣ ସ୍ୱାଇଁ, ବାବା ସ୍ୱାଇଁ, ସ୍ୱା-ଲକ୍ଷ୍ମଣ, ଗୌରାଙ୍ଗ ସ୍ୱାଇଁ, ସ୍ୱା- ଭାଗଣ ସ୍ୱାଇଁ, ଜା-ଟଣା, ଗ୍ରା-ନିଜଗାଁ
	ପିଠିରି	୧୬୨୦	ବେସରକାରୀ	ପତିତ	୦.୦୧୦	ଅର୍ଜୁନ ସ୍ୱାଇଁ, ପି-କୃଷ୍ଣ ସ୍ୱାଇଁ, ଜା-ଟଣା, ଗ୍ରା-ନିଜଗାଁ
	ପିଠିରି	୧୬୨୪	ବେସରକାରୀ	ଶାରଦ-୨	୦.୦୫୦	ସୋମୁ ସ୍ୱାଇଁ, ପି-ଭଜା ସ୍ୱାଇଁ, ଲୋକନାଥ ସ୍ୱାଇଁ, ନାଥ ସ୍ୱାଇଁ, ବାଲୁଧର ସ୍ୱାଇଁ, କଳ୍ପତରୁ ସ୍ୱାଇଁ, ପି-ଭୁବନ ସ୍ୱାଇଁ, ଦତା ସ୍ୱାଇଁ, ଅର୍ଜୁନ ସ୍ୱାଇଁ, ପି-କୃଷ୍ଣ ସ୍ୱାଇଁ, ହେମାମଣି ସ୍ୱାଇଁ, ପି-ଲକ୍ଷ୍ମଣ ସ୍ୱାଇଁ, ବାବା ସ୍ୱାଇଁ, ସ୍ୱା-ଲକ୍ଷ୍ମଣ, ଗୌରାଙ୍ଗ ସ୍ୱାଇଁ, ସ୍ୱା- ଭାଗଣ ସ୍ୱାଇଁ, ଜା-ଟଣା, ଗ୍ରା-ନିଜଗାଁ
	ପିଠିରି	୧୬୨୫	ବେସରକାରୀ	ଶାରଦ-୨	୦.୦୮୦	ସୋମୁ ସ୍ୱାଇଁ, ପି-ଭଜା ସ୍ୱାଇଁ, ଲୋକନାଥ ସ୍ୱାଇଁ, ନାଥ ସ୍ୱାଇଁ, ବାଲୁଧର ସ୍ୱାଇଁ, କଳ୍ପତରୁ ସ୍ୱାଇଁ, ପି-ଭୁବନ ସ୍ୱାଇଁ, ଦତା ସ୍ୱାଇଁ, ଅର୍ଜୁନ ସ୍ୱାଇଁ, ପି-କୃଷ୍ଣ ସ୍ୱାଇଁ, ହେମାମଣି ସ୍ୱାଇଁ, ପି-ଲକ୍ଷ୍ମଣ ସ୍ୱାଇଁ, ବାବା ସ୍ୱାଇଁ, ସ୍ୱା-ଲକ୍ଷ୍ମଣ, ଗୌରାଙ୍ଗ ସ୍ୱାଇଁ, ସ୍ୱା- ଭାଗଣ ସ୍ୱାଇଁ, ଜା-ଟଣା, ଗ୍ରା-ନିଜଗାଁ
	ପିଠିରି	୧୬୨୬	ବେସରକାରୀ	ତଲ୍ଲା-୧	୦.୦୫୦	ସୋମୁ ସ୍ୱାଇଁ, ପି-ଭଜା ସ୍ୱାଇଁ, ଲୋକନାଥ ସ୍ୱାଇଁ, ନାଥ ସ୍ୱାଇଁ, ବାଲୁଧର ସ୍ୱାଇଁ, କଳ୍ପତରୁ ସ୍ୱାଇଁ, ପି-ଭୁବନ ସ୍ୱାଇଁ, ଦତା ସ୍ୱାଇଁ, ଅର୍ଜୁନ ସ୍ୱାଇଁ, ପି-କୃଷ୍ଣ ସ୍ୱାଇଁ, ହେମାମଣି ସ୍ୱାଇଁ, ପି-ଲକ୍ଷ୍ମଣ ସ୍ୱାଇଁ, ବାବା ସ୍ୱାଇଁ, ସ୍ୱା-ଲକ୍ଷ୍ମଣ, ଗୌରାଙ୍ଗ ସ୍ୱାଇଁ, ସ୍ୱା- ଭାଗଣ ସ୍ୱାଇଁ, ଜା-ଟଣା, ଗ୍ରା-ନିଜଗାଁ
	ପିଠିରି	୧୬୨୭	ବେସରକାରୀ	ଶାରଦ-୨	୦.୦୫୦	ବିଦ୍ୟାଧର ସ୍ୱାଇଁ, ପି-ବିଶ୍ୱନାଥ ସ୍ୱାଇଁ, ଜା-ଟଣା, ଗ୍ରା-ନିଜଗାଁ
	ପିଠିରି	୧୬୨୮	ବେସରକାରୀ	ଶାରଦ-୩	୦.୦୩୦	ସୋମୁ ସ୍ୱାଇଁ, ପି-ଭଜା ସ୍ୱାଇଁ, ଲୋକନାଥ ସ୍ୱାଇଁ, ନାଥ ସ୍ୱାଇଁ, ବାଲୁଧର ସ୍ୱାଇଁ, କଳ୍ପତରୁ ସ୍ୱାଇଁ, ପି-ଭୁବନ ସ୍ୱାଇଁ, ଦତା ସ୍ୱାଇଁ, ଅର୍ଜୁନ ସ୍ୱାଇଁ, ପି-କୃଷ୍ଣ ସ୍ୱାଇଁ, ହେମାମଣି ସ୍ୱାଇଁ, ପି-ଲକ୍ଷ୍ମଣ ସ୍ୱାଇଁ, ବାବା ସ୍ୱାଇଁ, ସ୍ୱା-ଲକ୍ଷ୍ମଣ, ଗୌରାଙ୍ଗ ସ୍ୱାଇଁ, ସ୍ୱା- ଭାଗଣ ସ୍ୱାଇଁ, ଜା-ଟଣା, ଗ୍ରା-ନିଜଗାଁ
	ପିଠିରି	୧୬୮୧	ବେସରକାରୀ	ଶାରଦ-୨	୦.୧୬୦	ଜୟକୃଷ୍ଣ ସ୍ୱାଇଁ, ପି-ନାଡ଼ିବନ୍ଧୁ, ସ୍ତ୍ରୀରାଣୀ ସ୍ୱାଇଁ, ସ୍ୱା-ନାଡ଼ିବନ୍ଧୁ ସ୍ୱାଇଁ, ଜା-ଟଣା, ଗ୍ରା-ନିଜଗାଁ
	ପିଠିରି	୧୬୮୨	ବେସରକାରୀ	ଶାରଦ-୨	୦.୦୫୦	ପ୍ରମୋଦ କୁମାର ସ୍ୱାଇଁ, ସୁମାନ ସ୍ୱାଇଁ, ପି-ଧୋବେଳ, ହେମା ସ୍ୱାଇଁ, ସ୍ୱା-ଧୋବେଳ, ଜା-ଟଣା, ଗ୍ରା-ନିଜଗାଁ
	ପିଠିରି	୧୬୮୩	ବେସରକାରୀ	ଶାରଦ-୨	୦.୧୫୦	ଜୟକୃଷ୍ଣ ସ୍ୱାଇଁ, ପି-ନାଡ଼ିବନ୍ଧୁ, ସ୍ତ୍ରୀରାଣୀ ସ୍ୱାଇଁ, ସ୍ୱା-ନାଡ଼ିବନ୍ଧୁ ସ୍ୱାଇଁ, ଜା-ଟଣା, ଗ୍ରା-ନିଜଗାଁ
	ପିଠିରି	୧୬୮୬	ବେସରକାରୀ	ଶାରଦ-୨	୦.୦୮୦	ସୋମୁ ସ୍ୱାଇଁ, ପି-ଭଜା ସ୍ୱାଇଁ, ଶ୍ରୀଧର ସ୍ୱାଇଁ, ବିଦ୍ୟାଧର ସ୍ୱାଇଁ, ପି-ବିଶ୍ୱନାଥ ସ୍ୱାଇଁ, ଜା-ଟଣା, ଗ୍ରା-ନିଜଗାଁ
	ପିଠିରି	୧୬୮୮	ବେସରକାରୀ	ଶାରଦ-୨	୦.୦୫୦	ଲୋକନାଥ ସ୍ୱାଇଁ, ବାଲୁଧର ସ୍ୱାଇଁ, ନାଥ ସ୍ୱାଇଁ, କଳ୍ପତରୁ ସ୍ୱାଇଁ, ପି-ଭୁବନ ସ୍ୱାଇଁ, ଦତା ସ୍ୱାଇଁ, ଅର୍ଜୁନ ସ୍ୱାଇଁ, ପି-କୃଷ୍ଣ ସ୍ୱାଇଁ, ହେମାମଣି ସ୍ୱାଇଁ, ପି-ଲକ୍ଷ୍ମଣ ସ୍ୱାଇଁ, ବାବା ସ୍ୱାଇଁ, ସ୍ୱା-ଲକ୍ଷ୍ମଣ ସ୍ୱାଇଁ, ଜା-ଟଣା, ଗ୍ରା-ନିଜଗାଁ
	ପିଠିରି	୧୬୮୯	ବେସରକାରୀ	ପତିତ	୦.୦୭୦	ଗୌରାଙ୍ଗ ଚରଣ ସ୍ୱାଇଁ, ପି-ଭାଗଣ, ରମେଶ ସ୍ୱାଇଁ, ପି-ପଙ୍କାଜ, ଜା-ଟଣା, ଗ୍ରା-ନିଜଗାଁ
	ପିଠିରି	୧୬୯୧	ବେସରକାରୀ	ପତିତ	୦.୨୦୦	ସୋମୁ ସ୍ୱାଇଁ, ପି-ଭଜା ସ୍ୱାଇଁ, ଲୋକନାଥ ସ୍ୱାଇଁ, ନାଥ ସ୍ୱାଇଁ, ବାଲୁଧର ସ୍ୱାଇଁ, କଳ୍ପତରୁ ସ୍ୱାଇଁ, ପି-ଭୁବନ ସ୍ୱାଇଁ, ଦତା ସ୍ୱାଇଁ, ଅର୍ଜୁନ ସ୍ୱାଇଁ, ପି-କୃଷ୍ଣ ସ୍ୱାଇଁ, ହେମାମଣି ସ୍ୱାଇଁ, ପି-ଲକ୍ଷ୍ମଣ ସ୍ୱାଇଁ, ବାବା ସ୍ୱାଇଁ, ସ୍ୱା-ଲକ୍ଷ୍ମଣ, ଗୌରାଙ୍ଗ ସ୍ୱାଇଁ, ସ୍ୱା- ଭାଗଣ ସ୍ୱାଇଁ, ଜା-ଟଣା, ଗ୍ରା-ନିଜଗାଁ
	ପିଠିରି	୧୮୧୮	ବେସରକାରୀ	ଜଳାଶୟ-୨	୦.୫୨୦	ଲକ୍ଷ୍ମୀଧରି ସ୍ୱାଇଁ, ପ୍ରହ୍ଲାଦ ସ୍ୱାଇଁ, ପି-ବିଚିତ୍ର, ଆଦର ସ୍ୱାଇଁ, ସ୍ୱା-ବିଚିତ୍ର ସ୍ୱାଇଁ, ଜଗନ୍ନାଥ ସ୍ୱାଇଁ, ପି-ଗୋପୀନାଥ ସ୍ୱାଇଁ, ଶ୍ରୀନିବାସ ସ୍ୱାଇଁ, ପି- କୃଷ୍ଣ ଚନ୍ଦ୍ର ସ୍ୱାଇଁ, କୃଷ୍ଣ ଚନ୍ଦ୍ର ସ୍ୱାଇଁ, ପି-ଜଗନ୍ନାଥ ସ୍ୱାଇଁ, ପ୍ରଦୀପ ସ୍ୱାଇଁ, ସାଧୁ ସ୍ୱାଇଁ, ପି-ଭଜା ସ୍ୱାଇଁ, ଜା-ଟଣା, ଗ୍ରା-ନିଜଗାଁ
	ପିଠିରି	୧୮୧୯	ବେସରକାରୀ	ଆଡ଼ି	୦.୦୫୦	ଲକ୍ଷ୍ମୀଧରି ସ୍ୱାଇଁ, ପ୍ରହ୍ଲାଦ ସ୍ୱାଇଁ, ପି-ବିଚିତ୍ର, ଆଦର ସ୍ୱାଇଁ, ସ୍ୱା-ବିଚିତ୍ର ସ୍ୱାଇଁ, ଜଗନ୍ନାଥ ସ୍ୱାଇଁ, ପି-ଗୋପୀନାଥ ସ୍ୱାଇଁ, ଶ୍ରୀନିବାସ ସ୍ୱାଇଁ, ପି- କୃଷ୍ଣ ଚନ୍ଦ୍ର ସ୍ୱାଇଁ, କୃଷ୍ଣ ଚନ୍ଦ୍ର ସ୍ୱାଇଁ, ପି-ଜଗନ୍ନାଥ ସ୍ୱାଇଁ, ପ୍ରଦୀପ ସ୍ୱାଇଁ, ସାଧୁ ସ୍ୱାଇଁ, ପି-ଭଜା ସ୍ୱାଇଁ, ଜା-ଟଣା, ଗ୍ରା-ନିଜଗାଁ
	ପିଠିରି	୧୮୩୫	ବେସରକାରୀ	ଶାରଦ-୧	୦.୧୨୦	ଲୋକନାଥ ସ୍ୱାଇଁ, ବାଲୁଧର ସ୍ୱାଇଁ, ନାଥ ସ୍ୱାଇଁ, କଳ୍ପତରୁ ସ୍ୱାଇଁ, ପି-ଭୁବନ ସ୍ୱାଇଁ, ଦତା ସ୍ୱାଇଁ, ଅର୍ଜୁନ ସ୍ୱାଇଁ, ପି-କୃଷ୍ଣ ସ୍ୱାଇଁ, ହେମାମଣି ସ୍ୱାଇଁ, ପି-ଲକ୍ଷ୍ମଣ ସ୍ୱାଇଁ, ବାବା ସ୍ୱାଇଁ, ସ୍ୱା-ଲକ୍ଷ୍ମଣ ସ୍ୱାଇଁ, ଜା-ଟଣା, ଗ୍ରା-ନିଜଗାଁ
	ପିଠିରି	୧୮୪୬	ବେସରକାରୀ	ଶାରଦ-୧	୦.୦୫୦	କଳ୍ପତରୁ ସ୍ୱାଇଁ, ପି-ଭୁବନ ସ୍ୱାଇଁ, ଜା-ଟଣା, ଗ୍ରା-ନିଜଗାଁ
	ପିଠିରି	୧୮୪୭	ବେସରକାରୀ	ଶାରଦ-୧	୦.୨୨୦	ଗୌରାଙ୍ଗ ଚରଣ ସ୍ୱାଇଁ, ପି-ଭାଗଣ, ଜା-ଟଣା, ଗ୍ରା-ନିଜଗାଁ
	ପିଠିରି	୧୮୪୮	ବେସରକାରୀ	ପତିତ	୦.୦୨୦	ସୋମୁ ସ୍ୱାଇଁ, ପି-ଭଜା ସ୍ୱାଇଁ, ଶ୍ରୀଧର ସ୍ୱାଇଁ, ବିଦ୍ୟାଧର ସ୍ୱାଇଁ, ପି-ବିଶ୍ୱନାଥ ସ୍ୱାଇଁ, ଜା-ଟଣା, ଗ୍ରା-ନିଜଗାଁ
	ପିଠିରି	୧୮୪୯	ବେସରକାରୀ	ଶାରଦ-୧	୦.୦୫୦	ସୋମୁ ସ୍ୱାଇଁ, ପି-ଭଜା ସ୍ୱାଇଁ, ଶ୍ରୀଧର ସ୍ୱାଇଁ, ବିଦ୍ୟାଧର ସ୍ୱାଇଁ, ପି-ବିଶ୍ୱନାଥ ସ୍ୱାଇଁ, ଜା-ଟଣା, ଗ୍ରା-ନିଜଗାଁ
	ପିଠିରି	୧୮୫୦	ବେସରକାରୀ	ଶାରଦ-୩	୦.୦୫୦	ରାମଚନ୍ଦ୍ର ସ୍ୱାଇଁ, ପି-ମହାନ୍ତି, ଜା-ଟଣା, ଗ୍ରା-ନିଜଗାଁ ଅନ୍ତର୍ଗତ
	ପିଠିରି	୧୮୫୧	ବେସରକାରୀ	ଶାରଦ-୩	୦.୦୫୦	ଦତା ସ୍ୱାଇଁ, ପି-କୃଷ୍ଣ ସ୍ୱାଇଁ, ଜା-ଟଣା, ଗ୍ରା-ନିଜଗାଁ
	ପିଠିରି	୧୮୫୨	ବେସରକାରୀ	ଶାରଦ-୩	୦.୦୫୦	ହେମାମଣି ସ୍ୱାଇଁ, ପି-ଲକ୍ଷ୍ମଣ ସ୍ୱାଇଁ, ଜା-ଟଣା, ଗ୍ରା-ନିଜଗାଁ
	ପିଠିରି	୧୮୫୩	ବେସରକାରୀ	ଶାରଦ-୩	୦.୦୫୦	ବାଲୁଧର ସ୍ୱାଇଁ, ନାଥ ସ୍ୱାଇଁ, ପି-ଭବାନୀ ସ୍ୱାଇଁ, ଜା-ଟଣା, ଗ୍ରା-ନିଜଗାଁ
	ପିଠିରି	୧୮୫୪	ବେସରକାରୀ	ଶାରଦ-୩	୦.୦୫୦	ଜୟକୃଷ୍ଣ ସ୍ୱାଇଁ, ପି-ନାଡ଼ିବନ୍ଧୁ, ସ୍ତ୍ରୀରାଣୀ ସ୍ୱାଇଁ, ସ୍ୱା-ନାଡ଼ିବନ୍ଧୁ ସ୍ୱାଇଁ, ଜା-ଟଣା, ଗ୍ରା-ନିଜଗାଁ
	ପିଠିରି	୧୮୫୫	ବେସରକାରୀ	ଶାରଦ-୩	୦.୦୫୦	ରମେଶ ସ୍ୱାଇଁ, ପି-ପଙ୍କାଜ ସ୍ୱାଇଁ, ଜା-ଟଣା, ଗ୍ରା-ନିଜଗାଁ
	ପିଠିରି	୧୮୫୬	ବେସରକାରୀ	ଶାରଦ-୩	୦.୦୫୦	ରମେଶ ସ୍ୱାଇଁ, ପି-ପଙ୍କାଜ ସ୍ୱାଇଁ, ଜା-ଟଣା, ଗ୍ରା-ନିଜଗାଁ
	ପିଠିରି	୧୮୫୭	ବେସରକାରୀ	ଶାରଦ-୩	୦.୦୫୦	ସୋମୁ ସ୍ୱାଇଁ, ପି-ଭଜା ସ୍ୱାଇଁ, ଶ୍ରୀଧର ସ୍ୱାଇଁ, ବିଦ୍ୟାଧର ସ୍ୱାଇଁ, ପି-ବିଶ୍ୱନାଥ ସ୍ୱାଇଁ, ଜା-ଟଣା, ଗ୍ରା-ନିଜଗାଁ
(See Next Pg.)
